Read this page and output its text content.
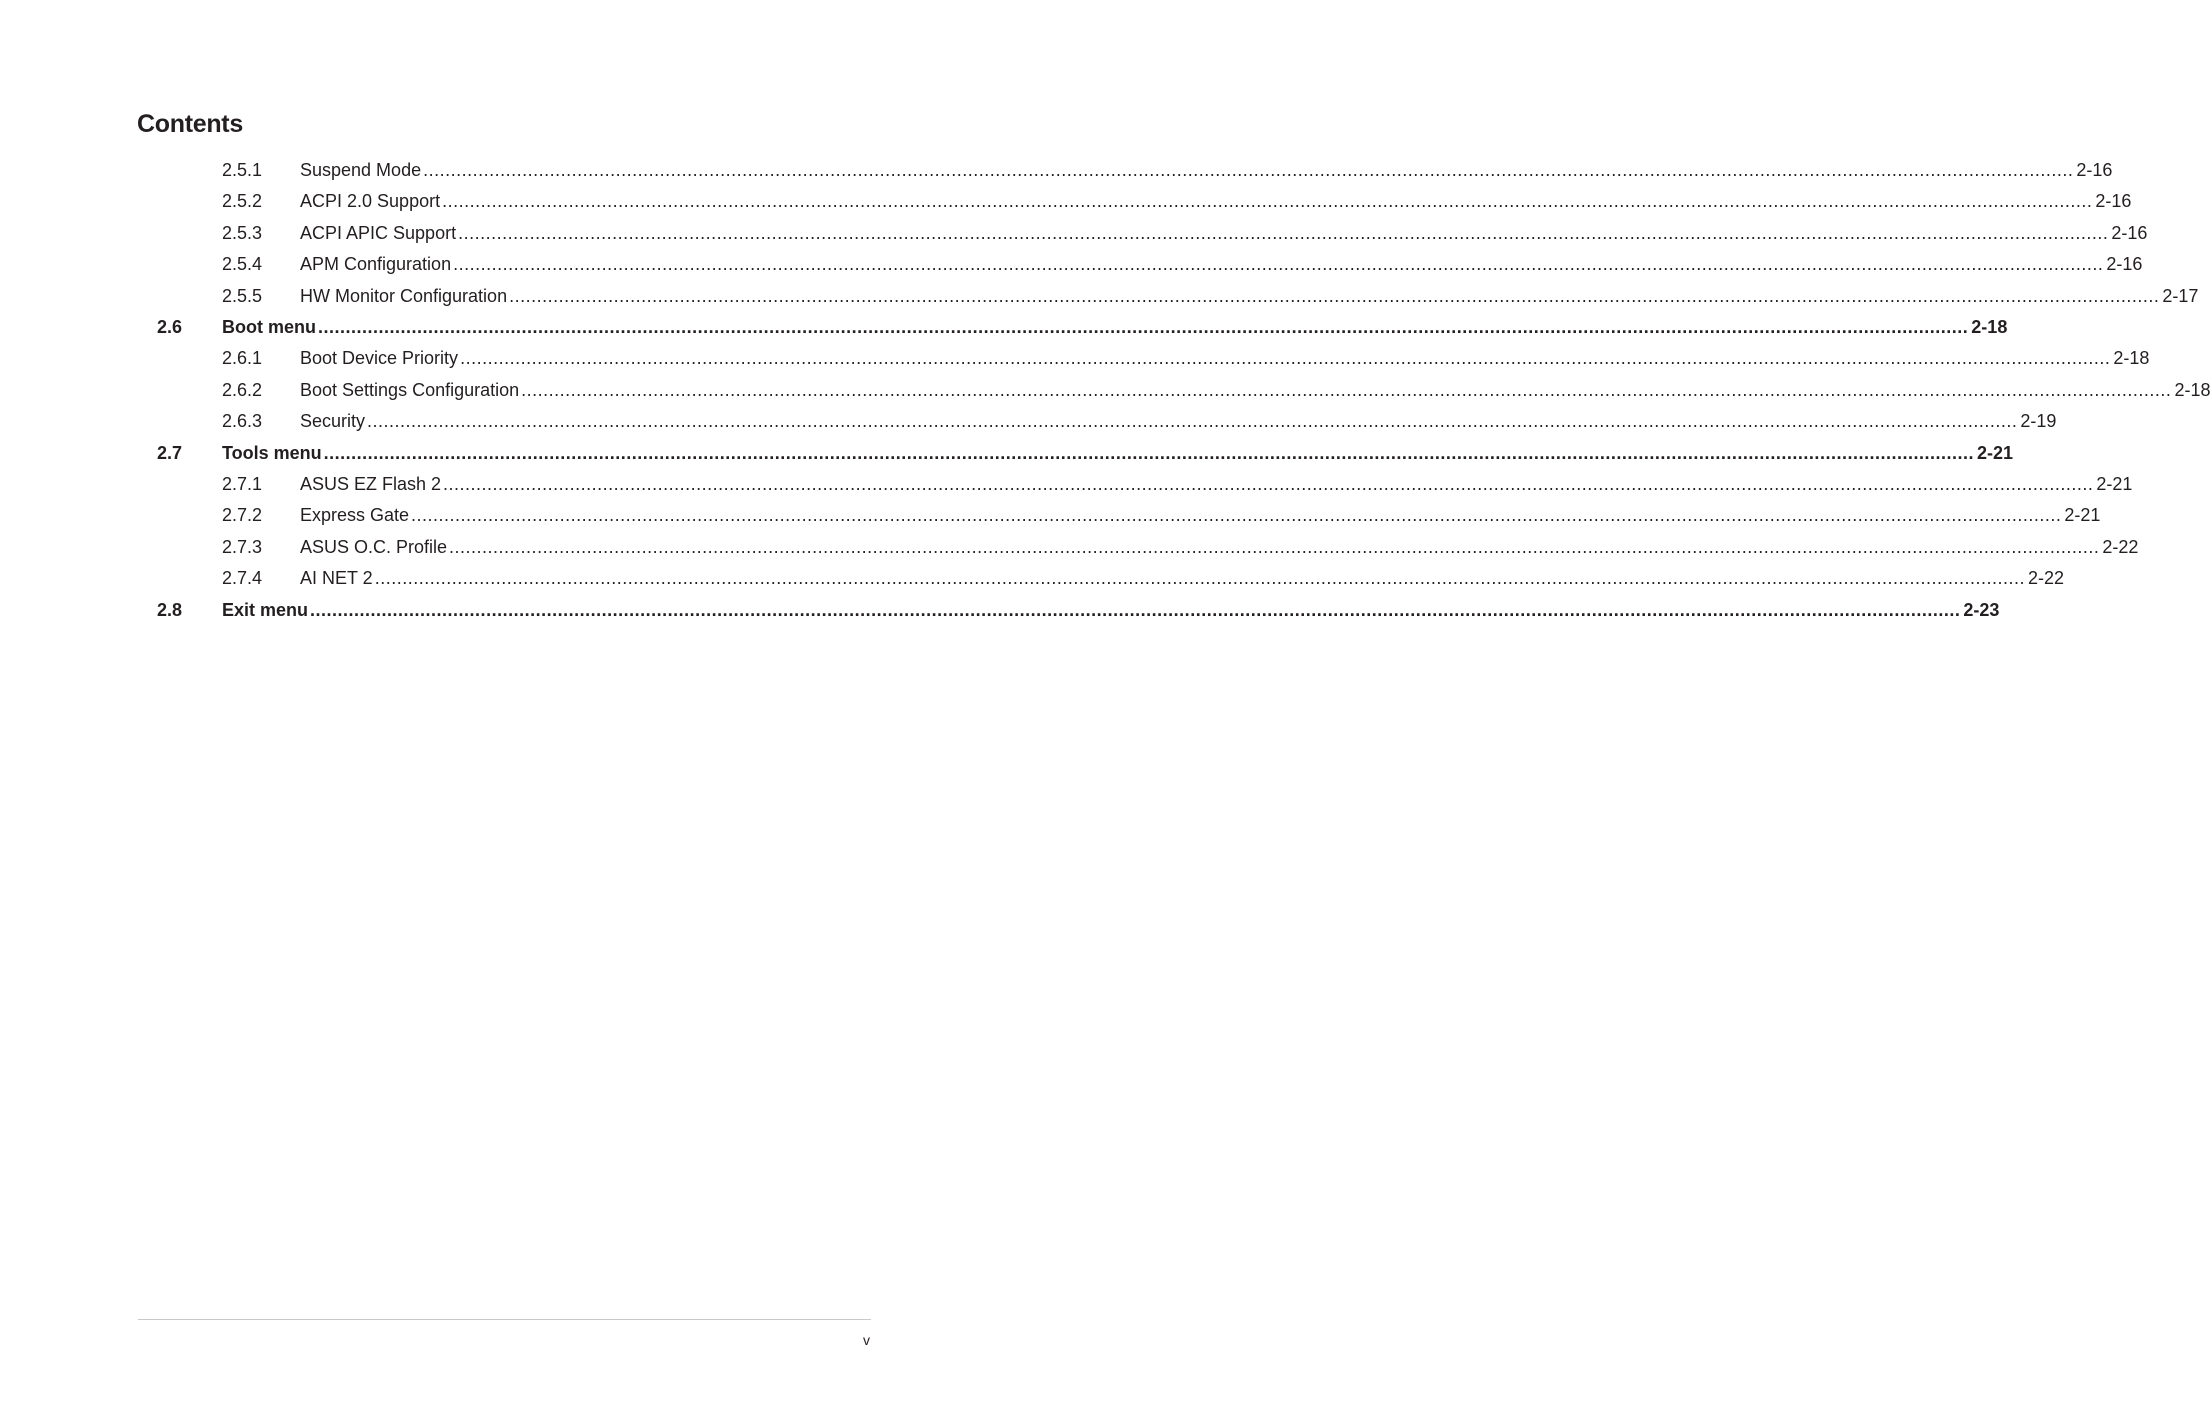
Contents
2.5.1 Suspend Mode ............................................................................................................................................................................................................................................................................................................ 2-16
2.5.2 ACPI 2.0 Support ............................................................................................................................................................................................................................................................................................................ 2-16
2.5.3 ACPI APIC Support ............................................................................................................................................................................................................................................................................................................ 2-16
2.5.4 APM Configuration ............................................................................................................................................................................................................................................................................................................ 2-16
2.5.5 HW Monitor Configuration ............................................................................................................................................................................................................................................................................................................ 2-17
2.6 Boot menu ............................................................................................................................................................................................................................................................................................................ 2-18
2.6.1 Boot Device Priority ............................................................................................................................................................................................................................................................................................................ 2-18
2.6.2 Boot Settings Configuration ............................................................................................................................................................................................................................................................................................................ 2-18
2.6.3 Security ............................................................................................................................................................................................................................................................................................................ 2-19
2.7 Tools menu ............................................................................................................................................................................................................................................................................................................ 2-21
2.7.1 ASUS EZ Flash 2 ............................................................................................................................................................................................................................................................................................................ 2-21
2.7.2 Express Gate ............................................................................................................................................................................................................................................................................................................ 2-21
2.7.3 ASUS O.C. Profile ............................................................................................................................................................................................................................................................................................................ 2-22
2.7.4 AI NET 2 ............................................................................................................................................................................................................................................................................................................ 2-22
2.8 Exit menu ............................................................................................................................................................................................................................................................................................................ 2-23
v
